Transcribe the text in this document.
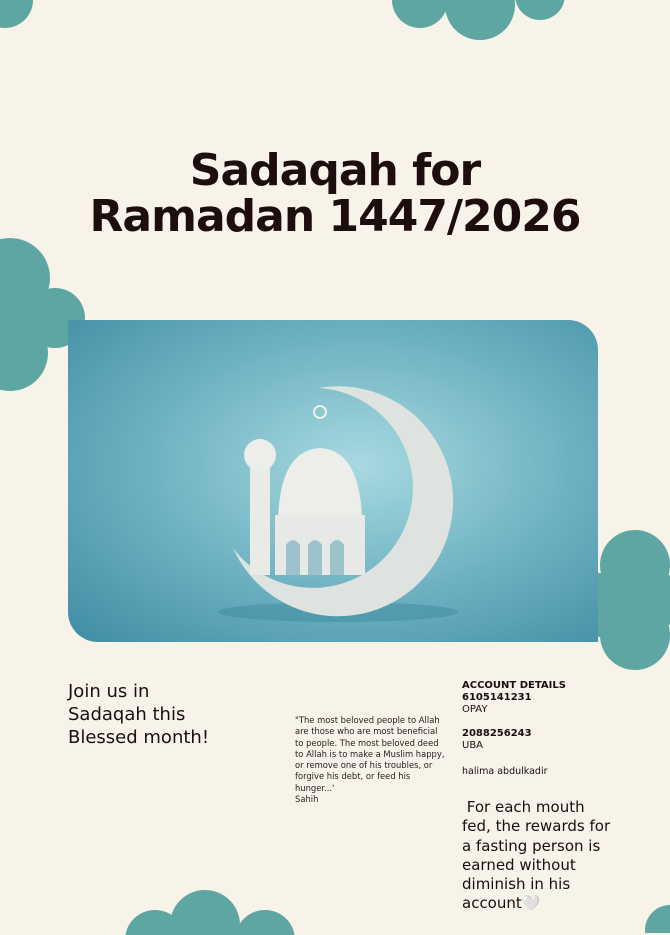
Sadaqah for
Ramadan 1447/2026
Join us in Sadaqah this Blessed month!
"The most beloved people to Allah are those who are most beneficial to people. The most beloved deed to Allah is to make a Muslim happy, or remove one of his troubles, or forgive his debt, or feed his hunger...'
Sahih
ACCOUNT DETAILS
6105141231
OPAY
2088256243
UBA
halima abdulkadir
For each mouth fed, the rewards for a fasting person is earned without diminish in his account🤍
